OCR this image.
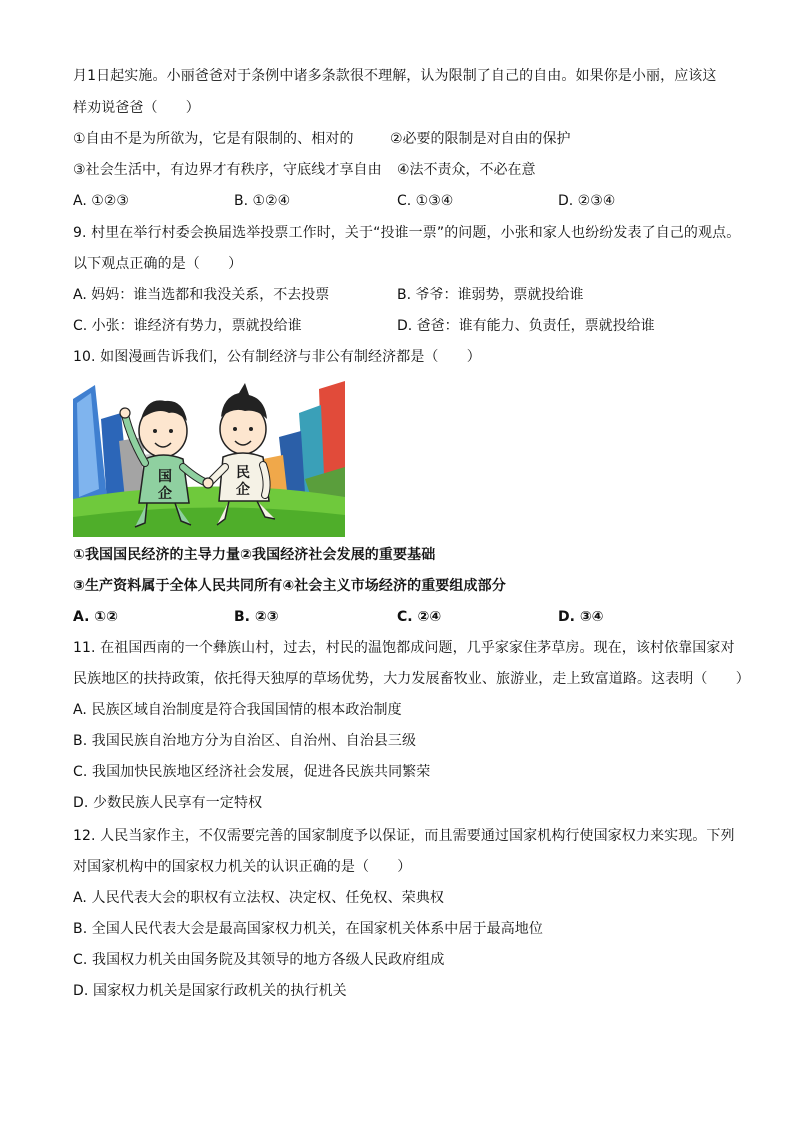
月1日起实施。小丽爸爸对于条例中诸多条款很不理解，认为限制了自己的自由。如果你是小丽，应该这
样劝说爸爸（　　）
①自由不是为所欲为，它是有限制的、相对的	②必要的限制是对自由的保护
③社会生活中，有边界才有秩序，守底线才享自由 ④法不责众，不必在意
A. ①②③	B. ①②④	C. ①③④	D. ②③④
9. 村里在举行村委会换届选举投票工作时，关于“投谁一票”的问题，小张和家人也纷纷发表了自己的观点。
以下观点正确的是（　　）
A. 妈妈：谁当选都和我没关系，不去投票	B. 爷爷：谁弱势，票就投给谁
C. 小张：谁经济有势力，票就投给谁	D. 爸爸：谁有能力、负责任，票就投给谁
10. 如图漫画告诉我们，公有制经济与非公有制经济都是（　　）
国
企
民
企
①我国国民经济的主导力量②我国经济社会发展的重要基础
③生产资料属于全体人民共同所有④社会主义市场经济的重要组成部分
A. ①②	B. ②③	C. ②④	D. ③④
11. 在祖国西南的一个彝族山村，过去，村民的温饱都成问题，几乎家家住茅草房。现在，该村依靠国家对
民族地区的扶持政策，依托得天独厚的草场优势，大力发展畜牧业、旅游业，走上致富道路。这表明（　　）
A. 民族区域自治制度是符合我国国情的根本政治制度
B. 我国民族自治地方分为自治区、自治州、自治县三级
C. 我国加快民族地区经济社会发展，促进各民族共同繁荣
D. 少数民族人民享有一定特权
12. 人民当家作主，不仅需要完善的国家制度予以保证，而且需要通过国家机构行使国家权力来实现。下列
对国家机构中的国家权力机关的认识正确的是（　　）
A. 人民代表大会的职权有立法权、决定权、任免权、荣典权
B. 全国人民代表大会是最高国家权力机关，在国家机关体系中居于最高地位
C. 我国权力机关由国务院及其领导的地方各级人民政府组成
D. 国家权力机关是国家行政机关的执行机关
